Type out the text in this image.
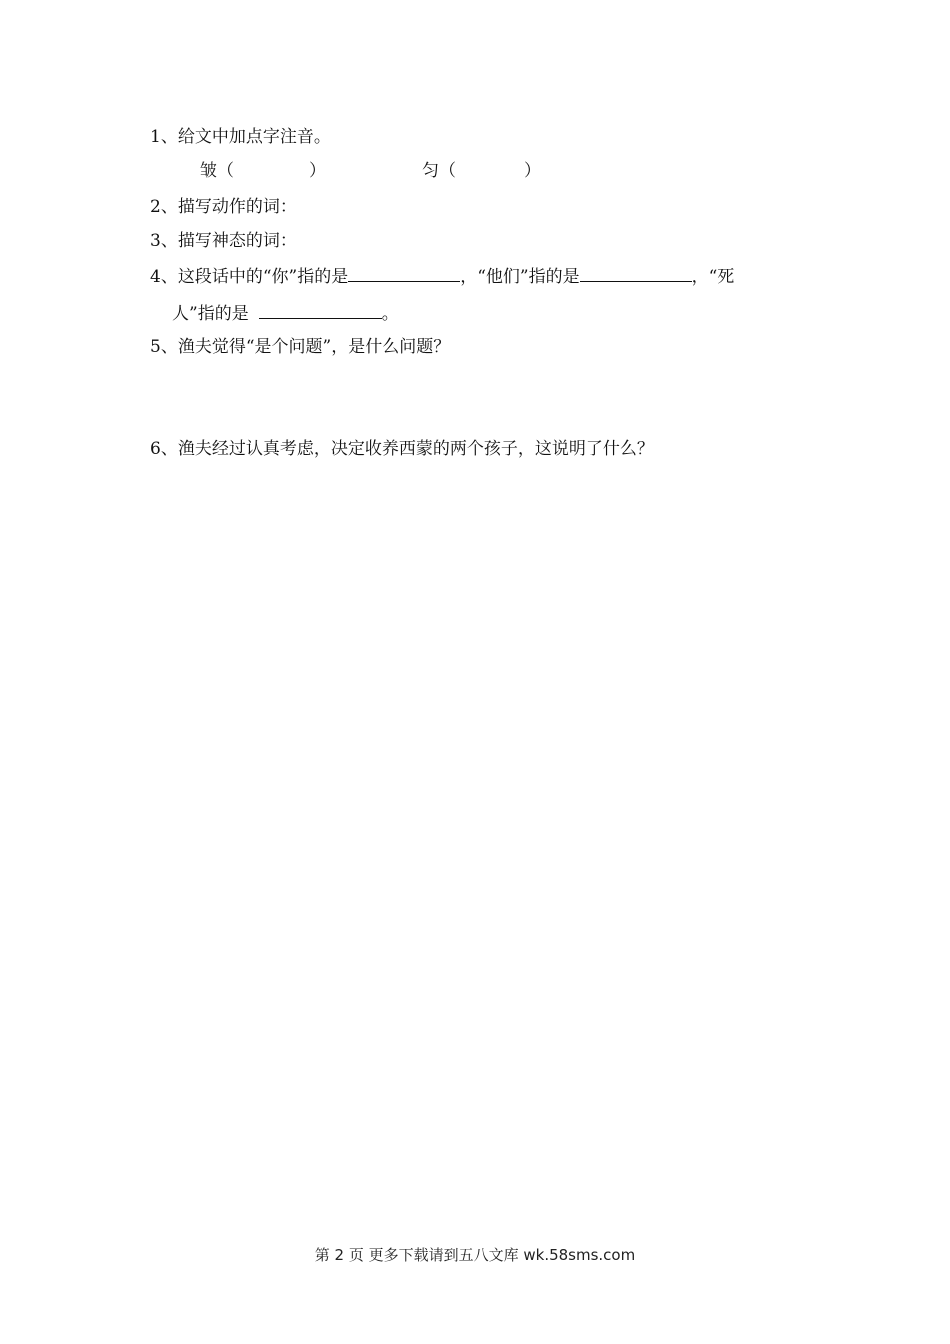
1、给文中加点字注音。
皱（	）	匀（	）
2、描写动作的词：
3、描写神态的词：
4、这段话中的“你”指的是	，“他们”指的是	，“死
人”指的是	。
5、渔夫觉得“是个问题”，是什么问题？
6、渔夫经过认真考虑，决定收养西蒙的两个孩子，这说明了什么？
第 2 页 更多下载请到五八文库 wk.58sms.com
